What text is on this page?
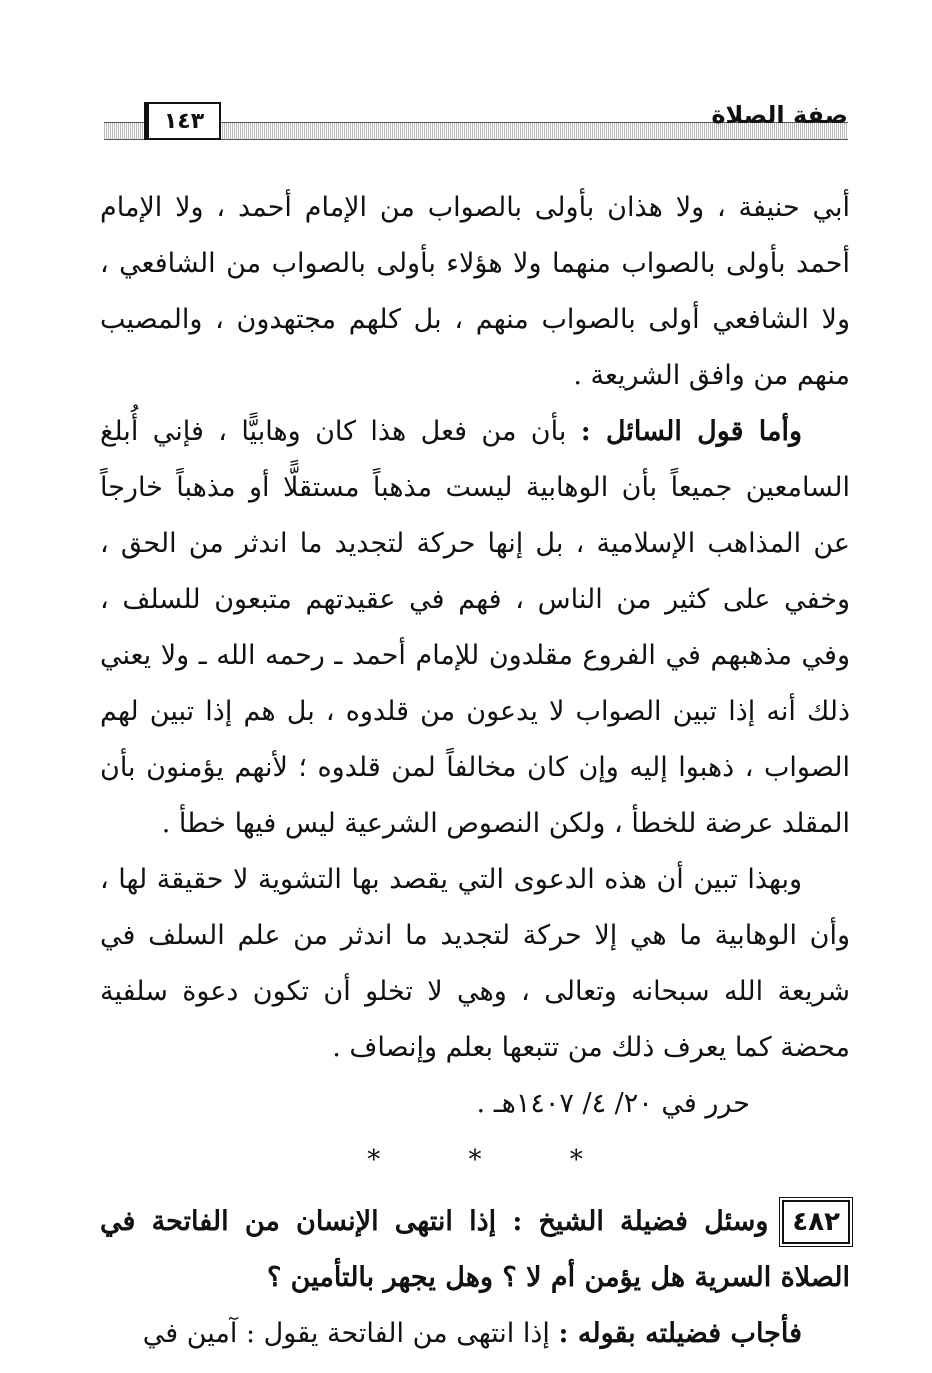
١٤٣	صفة الصلاة

أبي حنيفة ، ولا هذان بأولى بالصواب من الإمام أحمد ، ولا الإمام أحمد بأولى بالصواب منهما ولا هؤلاء بأولى بالصواب من الشافعي ، ولا الشافعي أولى بالصواب منهم ، بل كلهم مجتهدون ، والمصيب منهم من وافق الشريعة .

وأما قول السائل : بأن من فعل هذا كان وهابيًّا ، فإني أُبلغ السامعين جميعاً بأن الوهابية ليست مذهباً مستقلًّا أو مذهباً خارجاً عن المذاهب الإسلامية ، بل إنها حركة لتجديد ما اندثر من الحق ، وخفي على كثير من الناس ، فهم في عقيدتهم متبعون للسلف ، وفي مذهبهم في الفروع مقلدون للإمام أحمد ـ رحمه الله ـ ولا يعني ذلك أنه إذا تبين الصواب لا يدعون من قلدوه ، بل هم إذا تبين لهم الصواب ، ذهبوا إليه وإن كان مخالفاً لمن قلدوه ؛ لأنهم يؤمنون بأن المقلد عرضة للخطأ ، ولكن النصوص الشرعية ليس فيها خطأ .

وبهذا تبين أن هذه الدعوى التي يقصد بها التشوية لا حقيقة لها ، وأن الوهابية ما هي إلا حركة لتجديد ما اندثر من علم السلف في شريعة الله سبحانه وتعالى ، وهي لا تخلو أن تكون دعوة سلفية محضة كما يعرف ذلك من تتبعها بعلم وإنصاف .

حرر في ٢٠/ ٤/ ١٤٠٧هـ .

* * *

٤٨٢وسئل فضيلة الشيخ : إذا انتهى الإنسان من الفاتحة في الصلاة السرية هل يؤمن أم لا ؟ وهل يجهر بالتأمين ؟

فأجاب فضيلته بقوله : إذا انتهى من الفاتحة يقول : آمين في
